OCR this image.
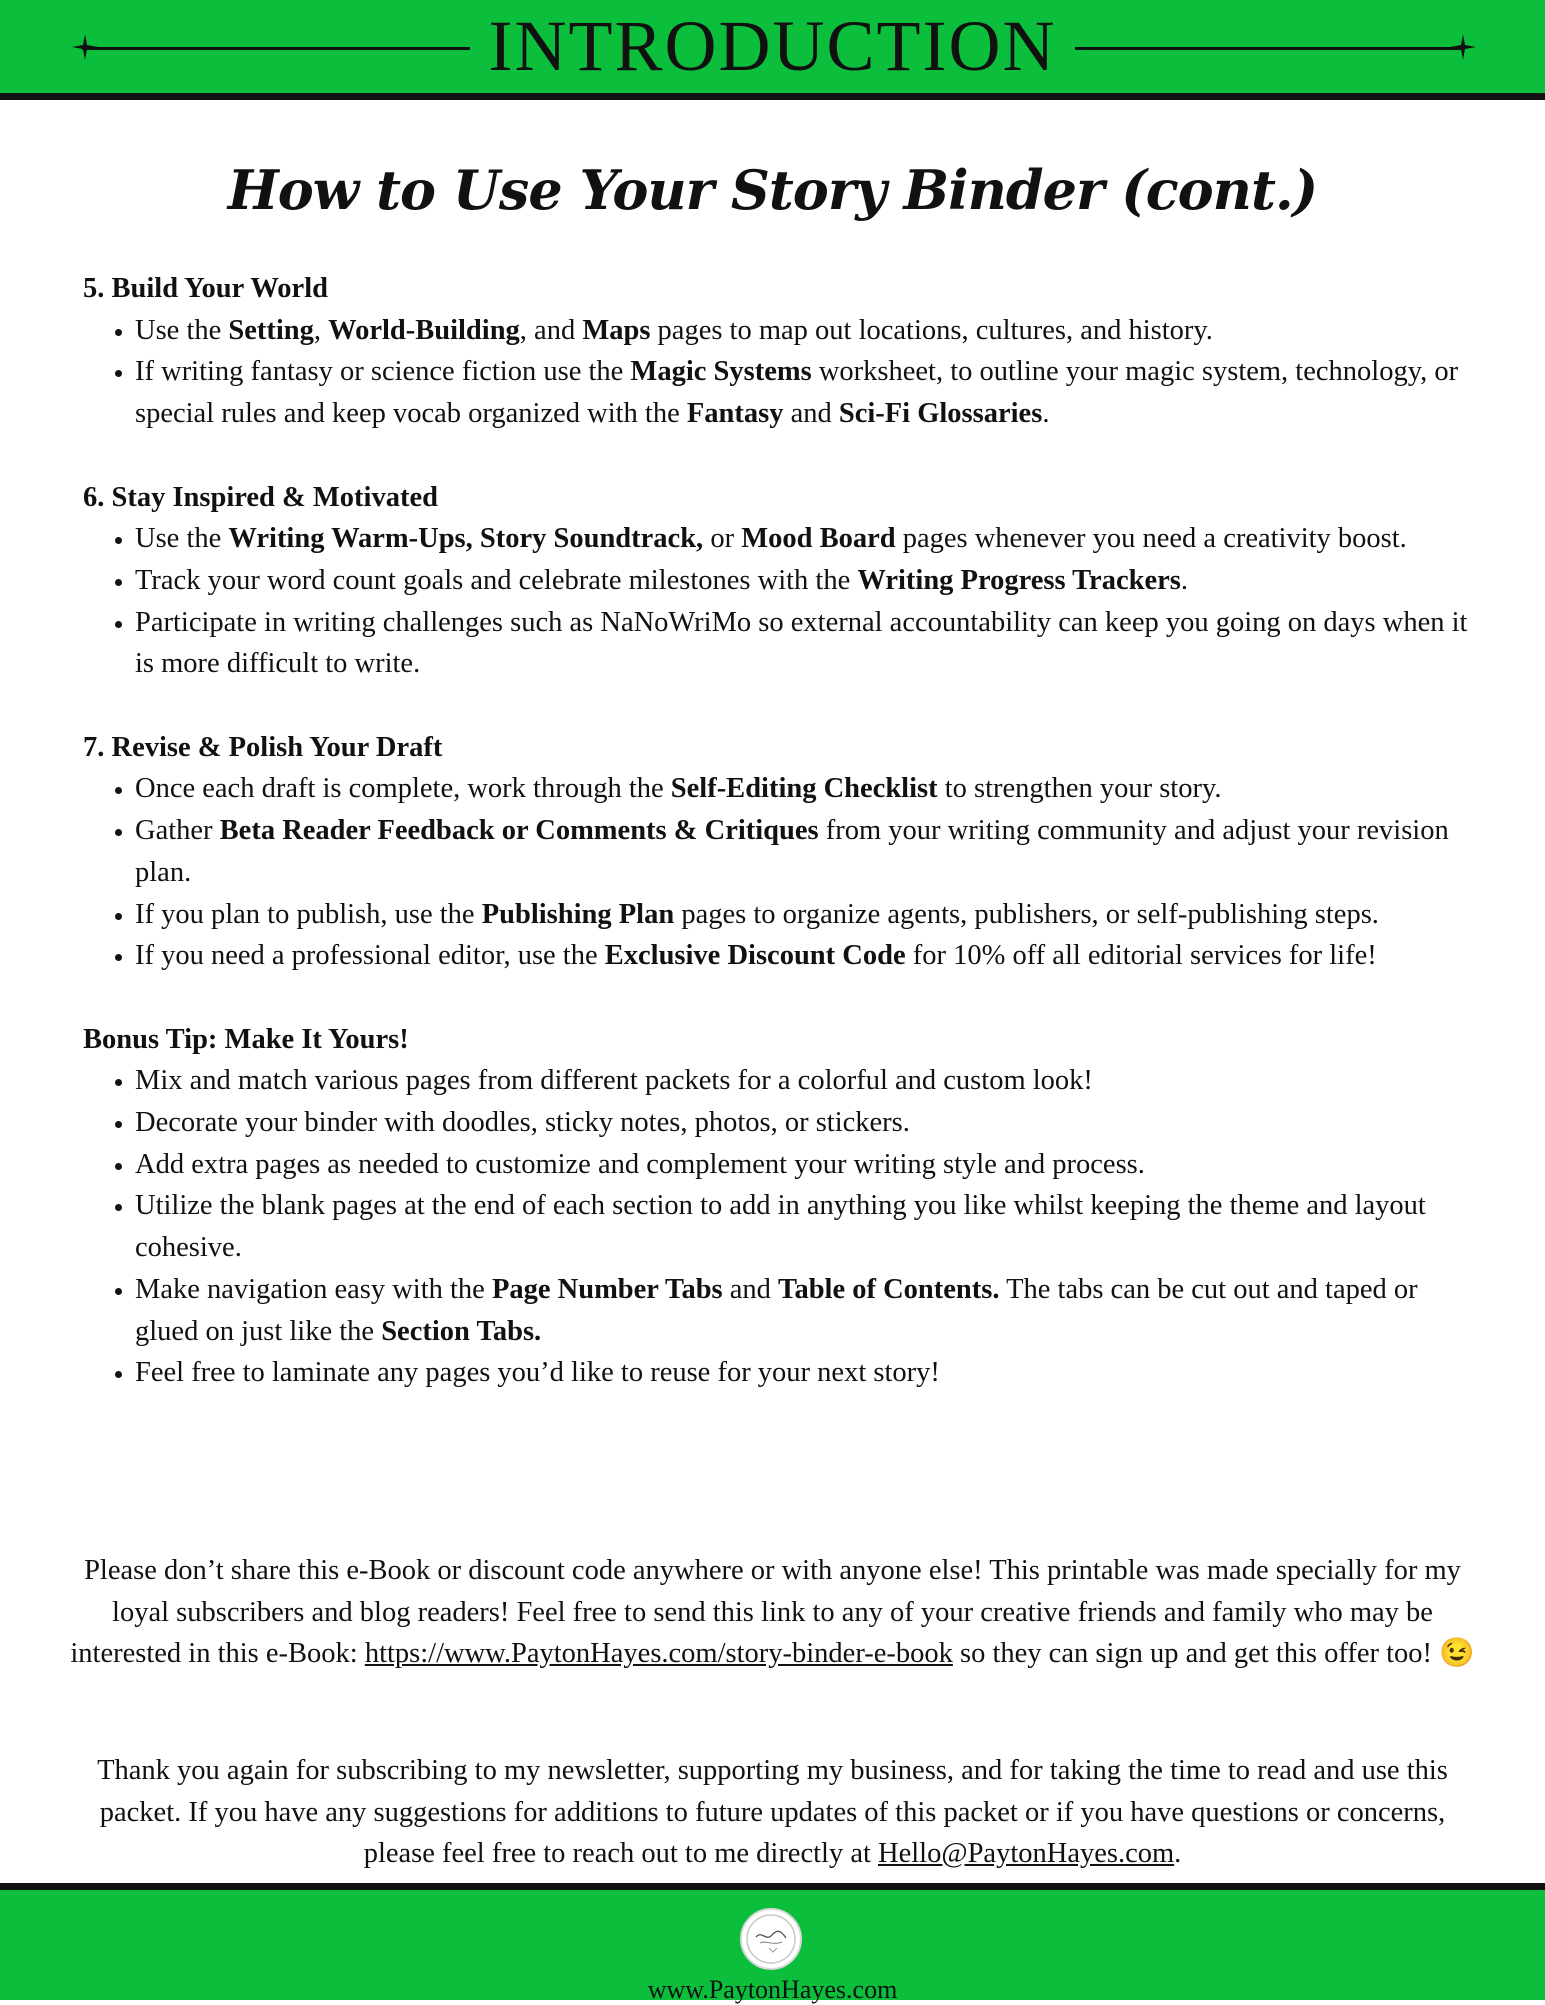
INTRODUCTION
How to Use Your Story Binder (cont.)
5. Build Your World
• Use the Setting, World-Building, and Maps pages to map out locations, cultures, and history.
• If writing fantasy or science fiction use the Magic Systems worksheet, to outline your magic system, technology, or special rules and keep vocab organized with the Fantasy and Sci-Fi Glossaries.
6. Stay Inspired & Motivated
• Use the Writing Warm-Ups, Story Soundtrack, or Mood Board pages whenever you need a creativity boost.
• Track your word count goals and celebrate milestones with the Writing Progress Trackers.
• Participate in writing challenges such as NaNoWriMo so external accountability can keep you going on days when it is more difficult to write.
7. Revise & Polish Your Draft
• Once each draft is complete, work through the Self-Editing Checklist to strengthen your story.
• Gather Beta Reader Feedback or Comments & Critiques from your writing community and adjust your revision plan.
• If you plan to publish, use the Publishing Plan pages to organize agents, publishers, or self-publishing steps.
• If you need a professional editor, use the Exclusive Discount Code for 10% off all editorial services for life!
Bonus Tip: Make It Yours!
• Mix and match various pages from different packets for a colorful and custom look!
• Decorate your binder with doodles, sticky notes, photos, or stickers.
• Add extra pages as needed to customize and complement your writing style and process.
• Utilize the blank pages at the end of each section to add in anything you like whilst keeping the theme and layout cohesive.
• Make navigation easy with the Page Number Tabs and Table of Contents. The tabs can be cut out and taped or glued on just like the Section Tabs.
• Feel free to laminate any pages you’d like to reuse for your next story!
Please don’t share this e-Book or discount code anywhere or with anyone else! This printable was made specially for my loyal subscribers and blog readers! Feel free to send this link to any of your creative friends and family who may be interested in this e-Book: https://www.PaytonHayes.com/story-binder-e-book so they can sign up and get this offer too! 😉
Thank you again for subscribing to my newsletter, supporting my business, and for taking the time to read and use this packet. If you have any suggestions for additions to future updates of this packet or if you have questions or concerns, please feel free to reach out to me directly at Hello@PaytonHayes.com.
www.PaytonHayes.com
